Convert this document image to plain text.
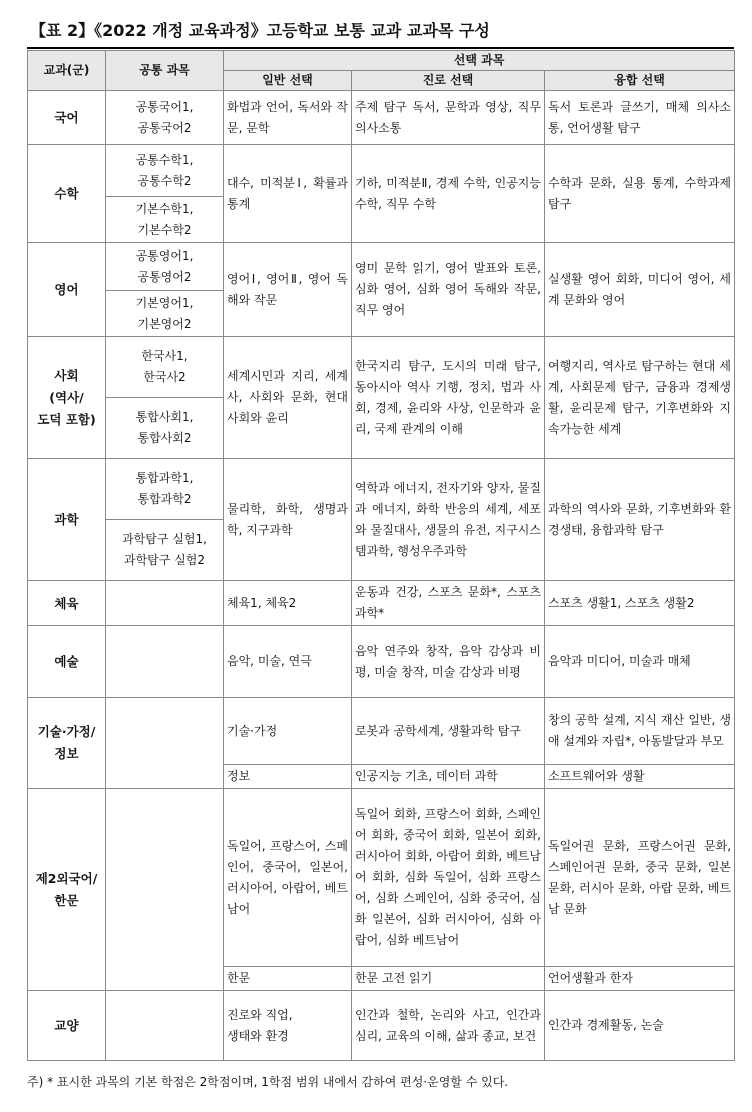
【표 2】《2022 개정 교육과정》고등학교 보통 교과 교과목 구성
교과(군)	공통 과목	선택 과목		
		일반 선택	진로 선택	융합 선택
국어	공통국어1,
공통국어2	화법과 언어, 독서와 작문, 문학	주제 탐구 독서, 문학과 영상, 직무 의사소통	독서 토론과 글쓰기, 매체 의사소통, 언어생활 탐구
수학	공통수학1,
공통수학2	대수, 미적분Ⅰ, 확률과 통계	기하, 미적분Ⅱ, 경제 수학, 인공지능 수학, 직무 수학	수학과 문화, 실용 통계, 수학과제 탐구
	기본수학1,
기본수학2			
영어	공통영어1,
공통영어2	영어Ⅰ, 영어Ⅱ, 영어 독해와 작문	영미 문학 읽기, 영어 발표와 토론, 심화 영어, 심화 영어 독해와 작문, 직무 영어	실생활 영어 회화, 미디어 영어, 세계 문화와 영어
	기본영어1,
기본영어2			
사회
(역사/
도덕 포함)	한국사1,
한국사2	세계시민과 지리, 세계사, 사회와 문화, 현대사회와 윤리	한국지리 탐구, 도시의 미래 탐구, 동아시아 역사 기행, 정치, 법과 사회, 경제, 윤리와 사상, 인문학과 윤리, 국제 관계의 이해	여행지리, 역사로 탐구하는 현대 세계, 사회문제 탐구, 금융과 경제생활, 윤리문제 탐구, 기후변화와 지속가능한 세계
	통합사회1,
통합사회2			
과학	통합과학1,
통합과학2	물리학, 화학, 생명과학, 지구과학	역학과 에너지, 전자기와 양자, 물질과 에너지, 화학 반응의 세계, 세포와 물질대사, 생물의 유전, 지구시스템과학, 행성우주과학	과학의 역사와 문화, 기후변화와 환경생태, 융합과학 탐구
	과학탐구 실험1,
과학탐구 실험2			
체육		체육1, 체육2	운동과 건강, 스포츠 문화*, 스포츠 과학*	스포츠 생활1, 스포츠 생활2
예술		음악, 미술, 연극	음악 연주와 창작, 음악 감상과 비평, 미술 창작, 미술 감상과 비평	음악과 미디어, 미술과 매체
기술·가정/
정보		기술·가정	로봇과 공학세계, 생활과학 탐구	창의 공학 설계, 지식 재산 일반, 생애 설계와 자립*, 아동발달과 부모
		정보	인공지능 기초, 데이터 과학	소프트웨어와 생활
제2외국어/
한문		독일어, 프랑스어, 스페인어, 중국어, 일본어, 러시아어, 아랍어, 베트남어	독일어 회화, 프랑스어 회화, 스페인어 회화, 중국어 회화, 일본어 회화, 러시아어 회화, 아랍어 회화, 베트남어 회화, 심화 독일어, 심화 프랑스어, 심화 스페인어, 심화 중국어, 심화 일본어, 심화 러시아어, 심화 아랍어, 심화 베트남어	독일어권 문화, 프랑스어권 문화, 스페인어권 문화, 중국 문화, 일본 문화, 러시아 문화, 아랍 문화, 베트남 문화
		한문	한문 고전 읽기	언어생활과 한자
교양		진로와 직업,
생태와 환경	인간과 철학, 논리와 사고, 인간과 심리, 교육의 이해, 삶과 종교, 보건	인간과 경제활동, 논술
주) * 표시한 과목의 기본 학점은 2학점이며, 1학점 범위 내에서 감하여 편성·운영할 수 있다.
